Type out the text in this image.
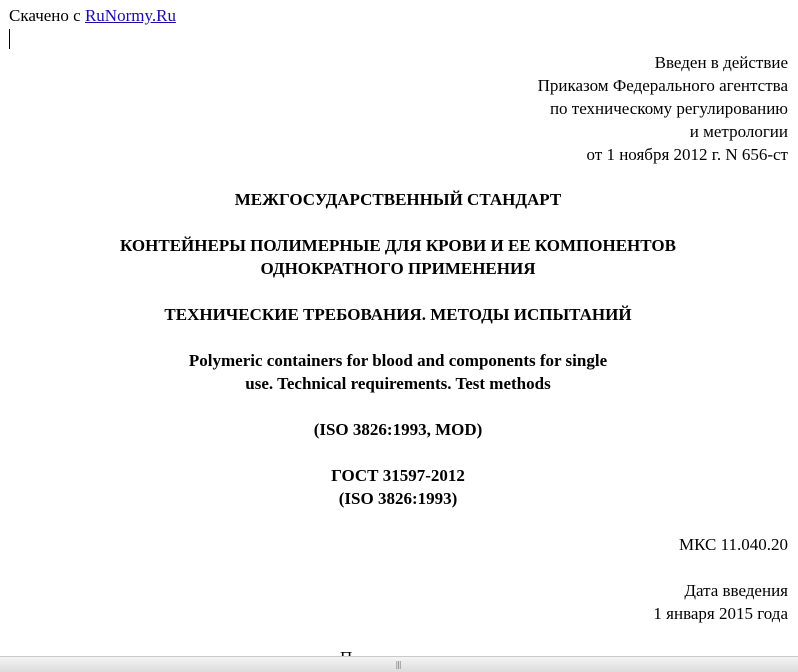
Скачено с RuNormy.Ru
Введен в действие
Приказом Федерального агентства
по техническому регулированию
и метрологии
от 1 ноября 2012 г. N 656-ст
МЕЖГОСУДАРСТВЕННЫЙ СТАНДАРТ
КОНТЕЙНЕРЫ ПОЛИМЕРНЫЕ ДЛЯ КРОВИ И ЕЕ КОМПОНЕНТОВ
ОДНОКРАТНОГО ПРИМЕНЕНИЯ
ТЕХНИЧЕСКИЕ ТРЕБОВАНИЯ. МЕТОДЫ ИСПЫТАНИЙ
Polymeric containers for blood and components for single
use. Technical requirements. Test methods
(ISO 3826:1993, MOD)
ГОСТ 31597-2012
(ISO 3826:1993)
МКС 11.040.20
Дата введения
1 января 2015 года
|||
